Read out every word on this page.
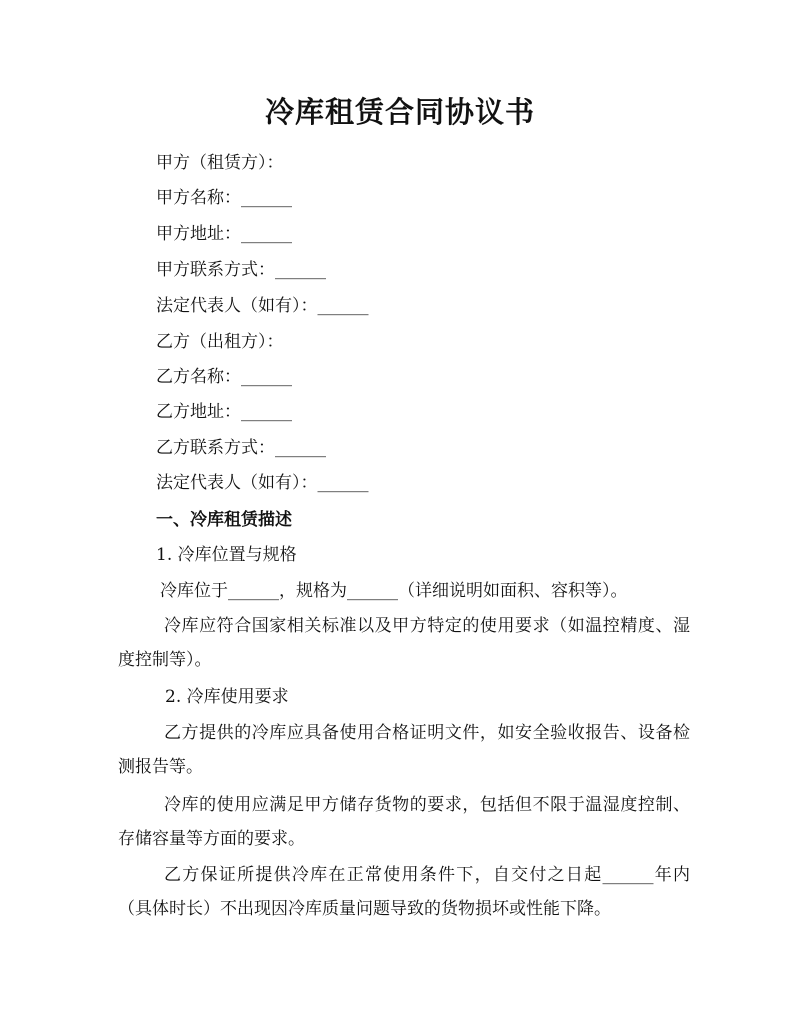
冷库租赁合同协议书
甲方（租赁方）：
甲方名称：______
甲方地址：______
甲方联系方式：______
法定代表人（如有）：______
乙方（出租方）：
乙方名称：______
乙方地址：______
乙方联系方式：______
法定代表人（如有）：______
一、冷库租赁描述
1. 冷库位置与规格
冷库位于______，规格为______（详细说明如面积、容积等）。

冷库应符合国家相关标准以及甲方特定的使用要求（如温控精度、湿度控制等）。

2. 冷库使用要求

乙方提供的冷库应具备使用合格证明文件，如安全验收报告、设备检测报告等。

冷库的使用应满足甲方储存货物的要求，包括但不限于温湿度控制、存储容量等方面的要求。

乙方保证所提供冷库在正常使用条件下，自交付之日起______年内（具体时长）不出现因冷库质量问题导致的货物损坏或性能下降。
